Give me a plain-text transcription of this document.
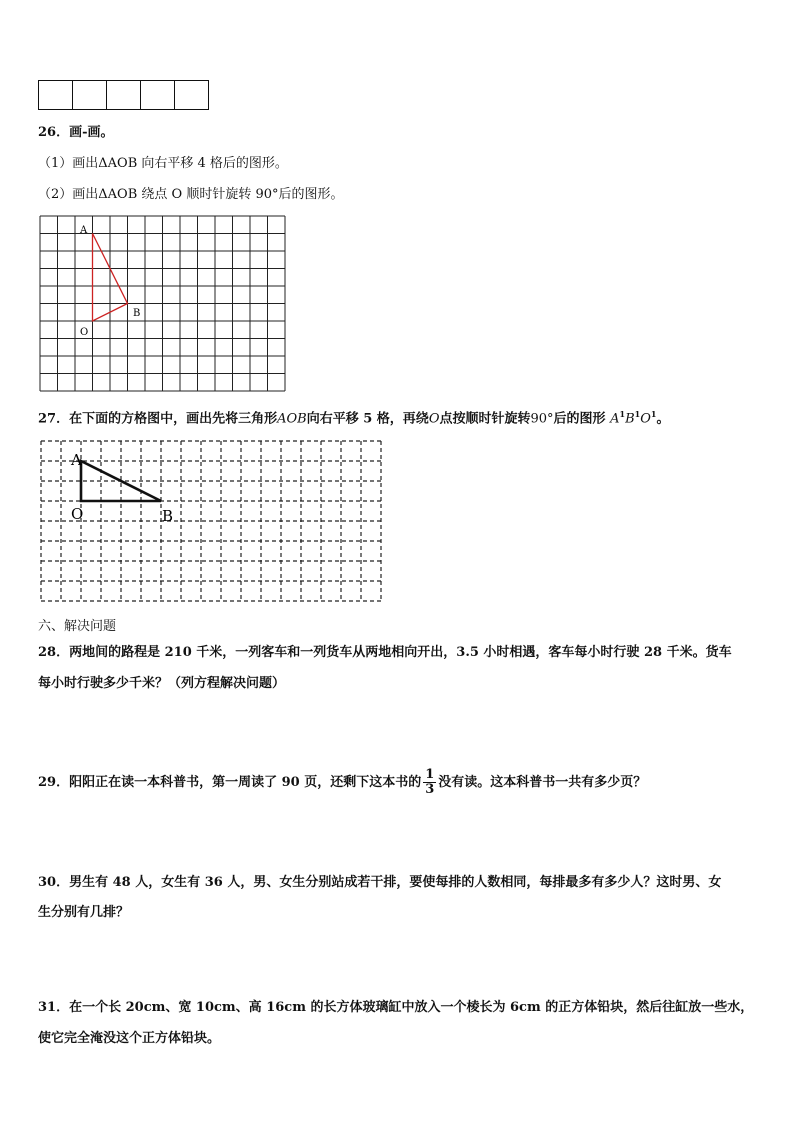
26．画-画。
（1）画出ΔAOB 向右平移 4 格后的图形。
（2）画出ΔAOB 绕点 O 顺时针旋转 90°后的图形。
A
B
O
27．在下面的方格图中，画出先将三角形AOB向右平移 5 格，再绕O点按顺时针旋转90°后的图形 $A^1B^1O^1$。
A
B
O
六、解决问题
28．两地间的路程是 210 千米，一列客车和一列货车从两地相向开出，3.5 小时相遇，客车每小时行驶 28 千米。货车
每小时行驶多少千米？（列方程解决问题）
29．阳阳正在读一本科普书，第一周读了 90 页，还剩下这本书的 $\frac{1}{3}$ 没有读。这本科普书一共有多少页？
30．男生有 48 人，女生有 36 人，男、女生分别站成若干排，要使每排的人数相同，每排最多有多少人？这时男、女
生分别有几排？
31．在一个长 20cm、宽 10cm、高 16cm 的长方体玻璃缸中放入一个棱长为 6cm 的正方体铅块，然后往缸放一些水，
使它完全淹没这个正方体铅块。
